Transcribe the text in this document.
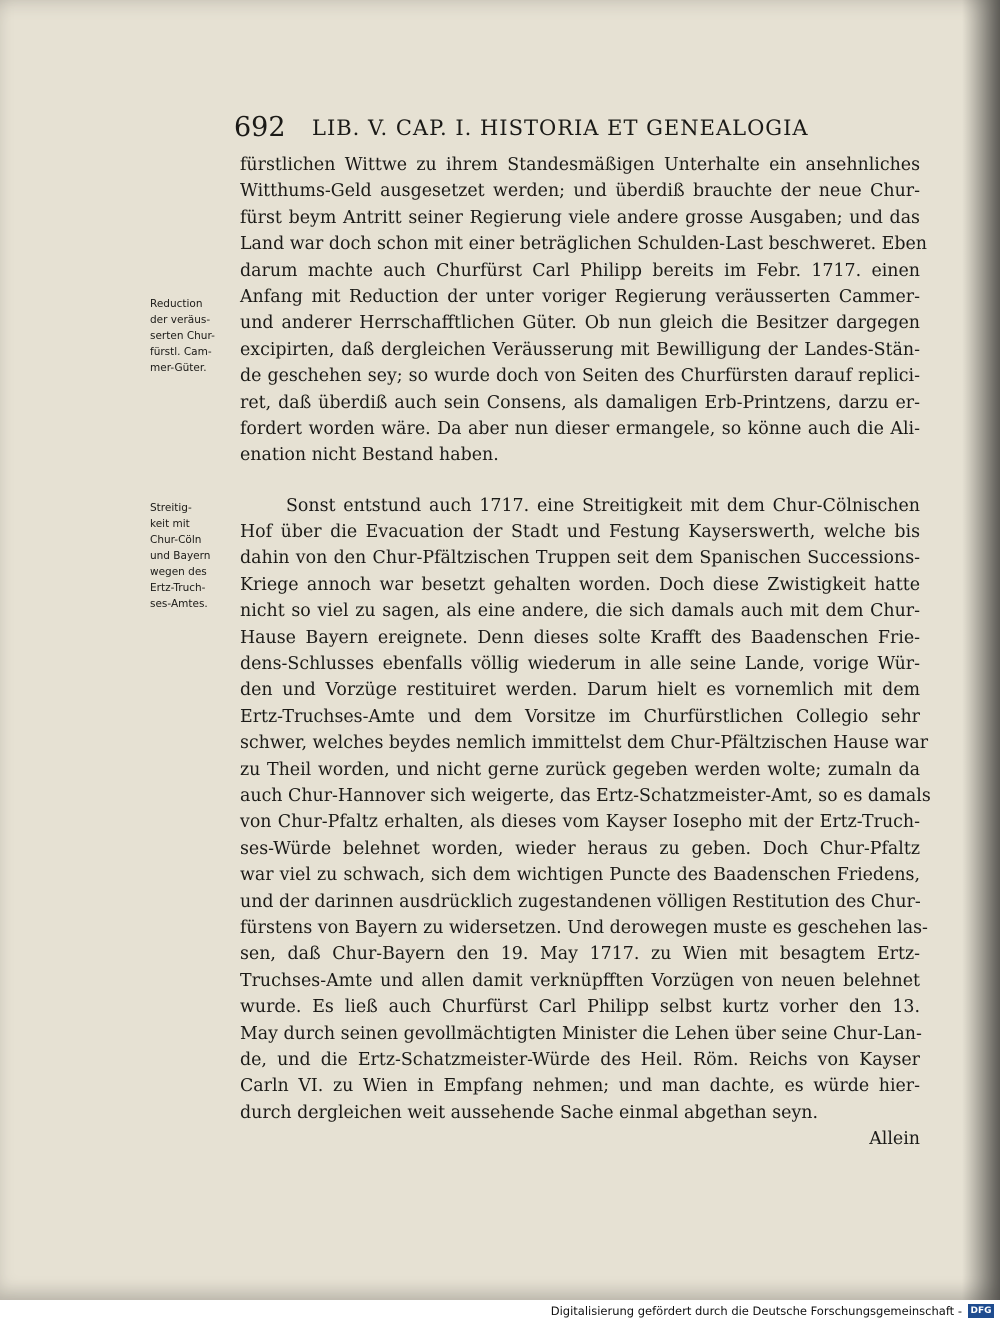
692 LIB. V. CAP. I. HISTORIA ET GENEALOGIA
Reduction
der veräus-
serten Chur-
fürstl. Cam-
mer-Güter.
Streitig-
keit mit
Chur-Cöln
und Bayern
wegen des
Ertz-Truch-
ses-Amtes.
fürstlichen Wittwe zu ihrem Standesmäßigen Unterhalte ein ansehnliches
Witthums-Geld ausgesetzet werden; und überdiß brauchte der neue Chur-
fürst beym Antritt seiner Regierung viele andere grosse Ausgaben; und das
Land war doch schon mit einer beträglichen Schulden-Last beschweret. Eben
darum machte auch Churfürst Carl Philipp bereits im Febr. 1717. einen
Anfang mit Reduction der unter voriger Regierung veräusserten Cammer-
und anderer Herrschafftlichen Güter. Ob nun gleich die Besitzer dargegen
excipirten, daß dergleichen Veräusserung mit Bewilligung der Landes-Stän-
de geschehen sey; so wurde doch von Seiten des Churfürsten darauf replici-
ret, daß überdiß auch sein Consens, als damaligen Erb-Printzens, darzu er-
fordert worden wäre. Da aber nun dieser ermangele, so könne auch die Ali-
enation nicht Bestand haben.
Sonst entstund auch 1717. eine Streitigkeit mit dem Chur-Cölnischen
Hof über die Evacuation der Stadt und Festung Kayserswerth, welche bis
dahin von den Chur-Pfältzischen Truppen seit dem Spanischen Successions-
Kriege annoch war besetzt gehalten worden. Doch diese Zwistigkeit hatte
nicht so viel zu sagen, als eine andere, die sich damals auch mit dem Chur-
Hause Bayern ereignete. Denn dieses solte Krafft des Baadenschen Frie-
dens-Schlusses ebenfalls völlig wiederum in alle seine Lande, vorige Wür-
den und Vorzüge restituiret werden. Darum hielt es vornemlich mit dem
Ertz-Truchses-Amte und dem Vorsitze im Churfürstlichen Collegio sehr
schwer, welches beydes nemlich immittelst dem Chur-Pfältzischen Hause war
zu Theil worden, und nicht gerne zurück gegeben werden wolte; zumaln da
auch Chur-Hannover sich weigerte, das Ertz-Schatzmeister-Amt, so es damals
von Chur-Pfaltz erhalten, als dieses vom Kayser Iosepho mit der Ertz-Truch-
ses-Würde belehnet worden, wieder heraus zu geben. Doch Chur-Pfaltz
war viel zu schwach, sich dem wichtigen Puncte des Baadenschen Friedens,
und der darinnen ausdrücklich zugestandenen völligen Restitution des Chur-
fürstens von Bayern zu widersetzen. Und derowegen muste es geschehen las-
sen, daß Chur-Bayern den 19. May 1717. zu Wien mit besagtem Ertz-
Truchses-Amte und allen damit verknüpfften Vorzügen von neuen belehnet
wurde. Es ließ auch Churfürst Carl Philipp selbst kurtz vorher den 13.
May durch seinen gevollmächtigten Minister die Lehen über seine Chur-Lan-
de, und die Ertz-Schatzmeister-Würde des Heil. Röm. Reichs von Kayser
Carln VI. zu Wien in Empfang nehmen; und man dachte, es würde hier-
durch dergleichen weit aussehende Sache einmal abgethan seyn.
Allein
Digitalisierung gefördert durch die Deutsche Forschungsgemeinschaft - DFG
